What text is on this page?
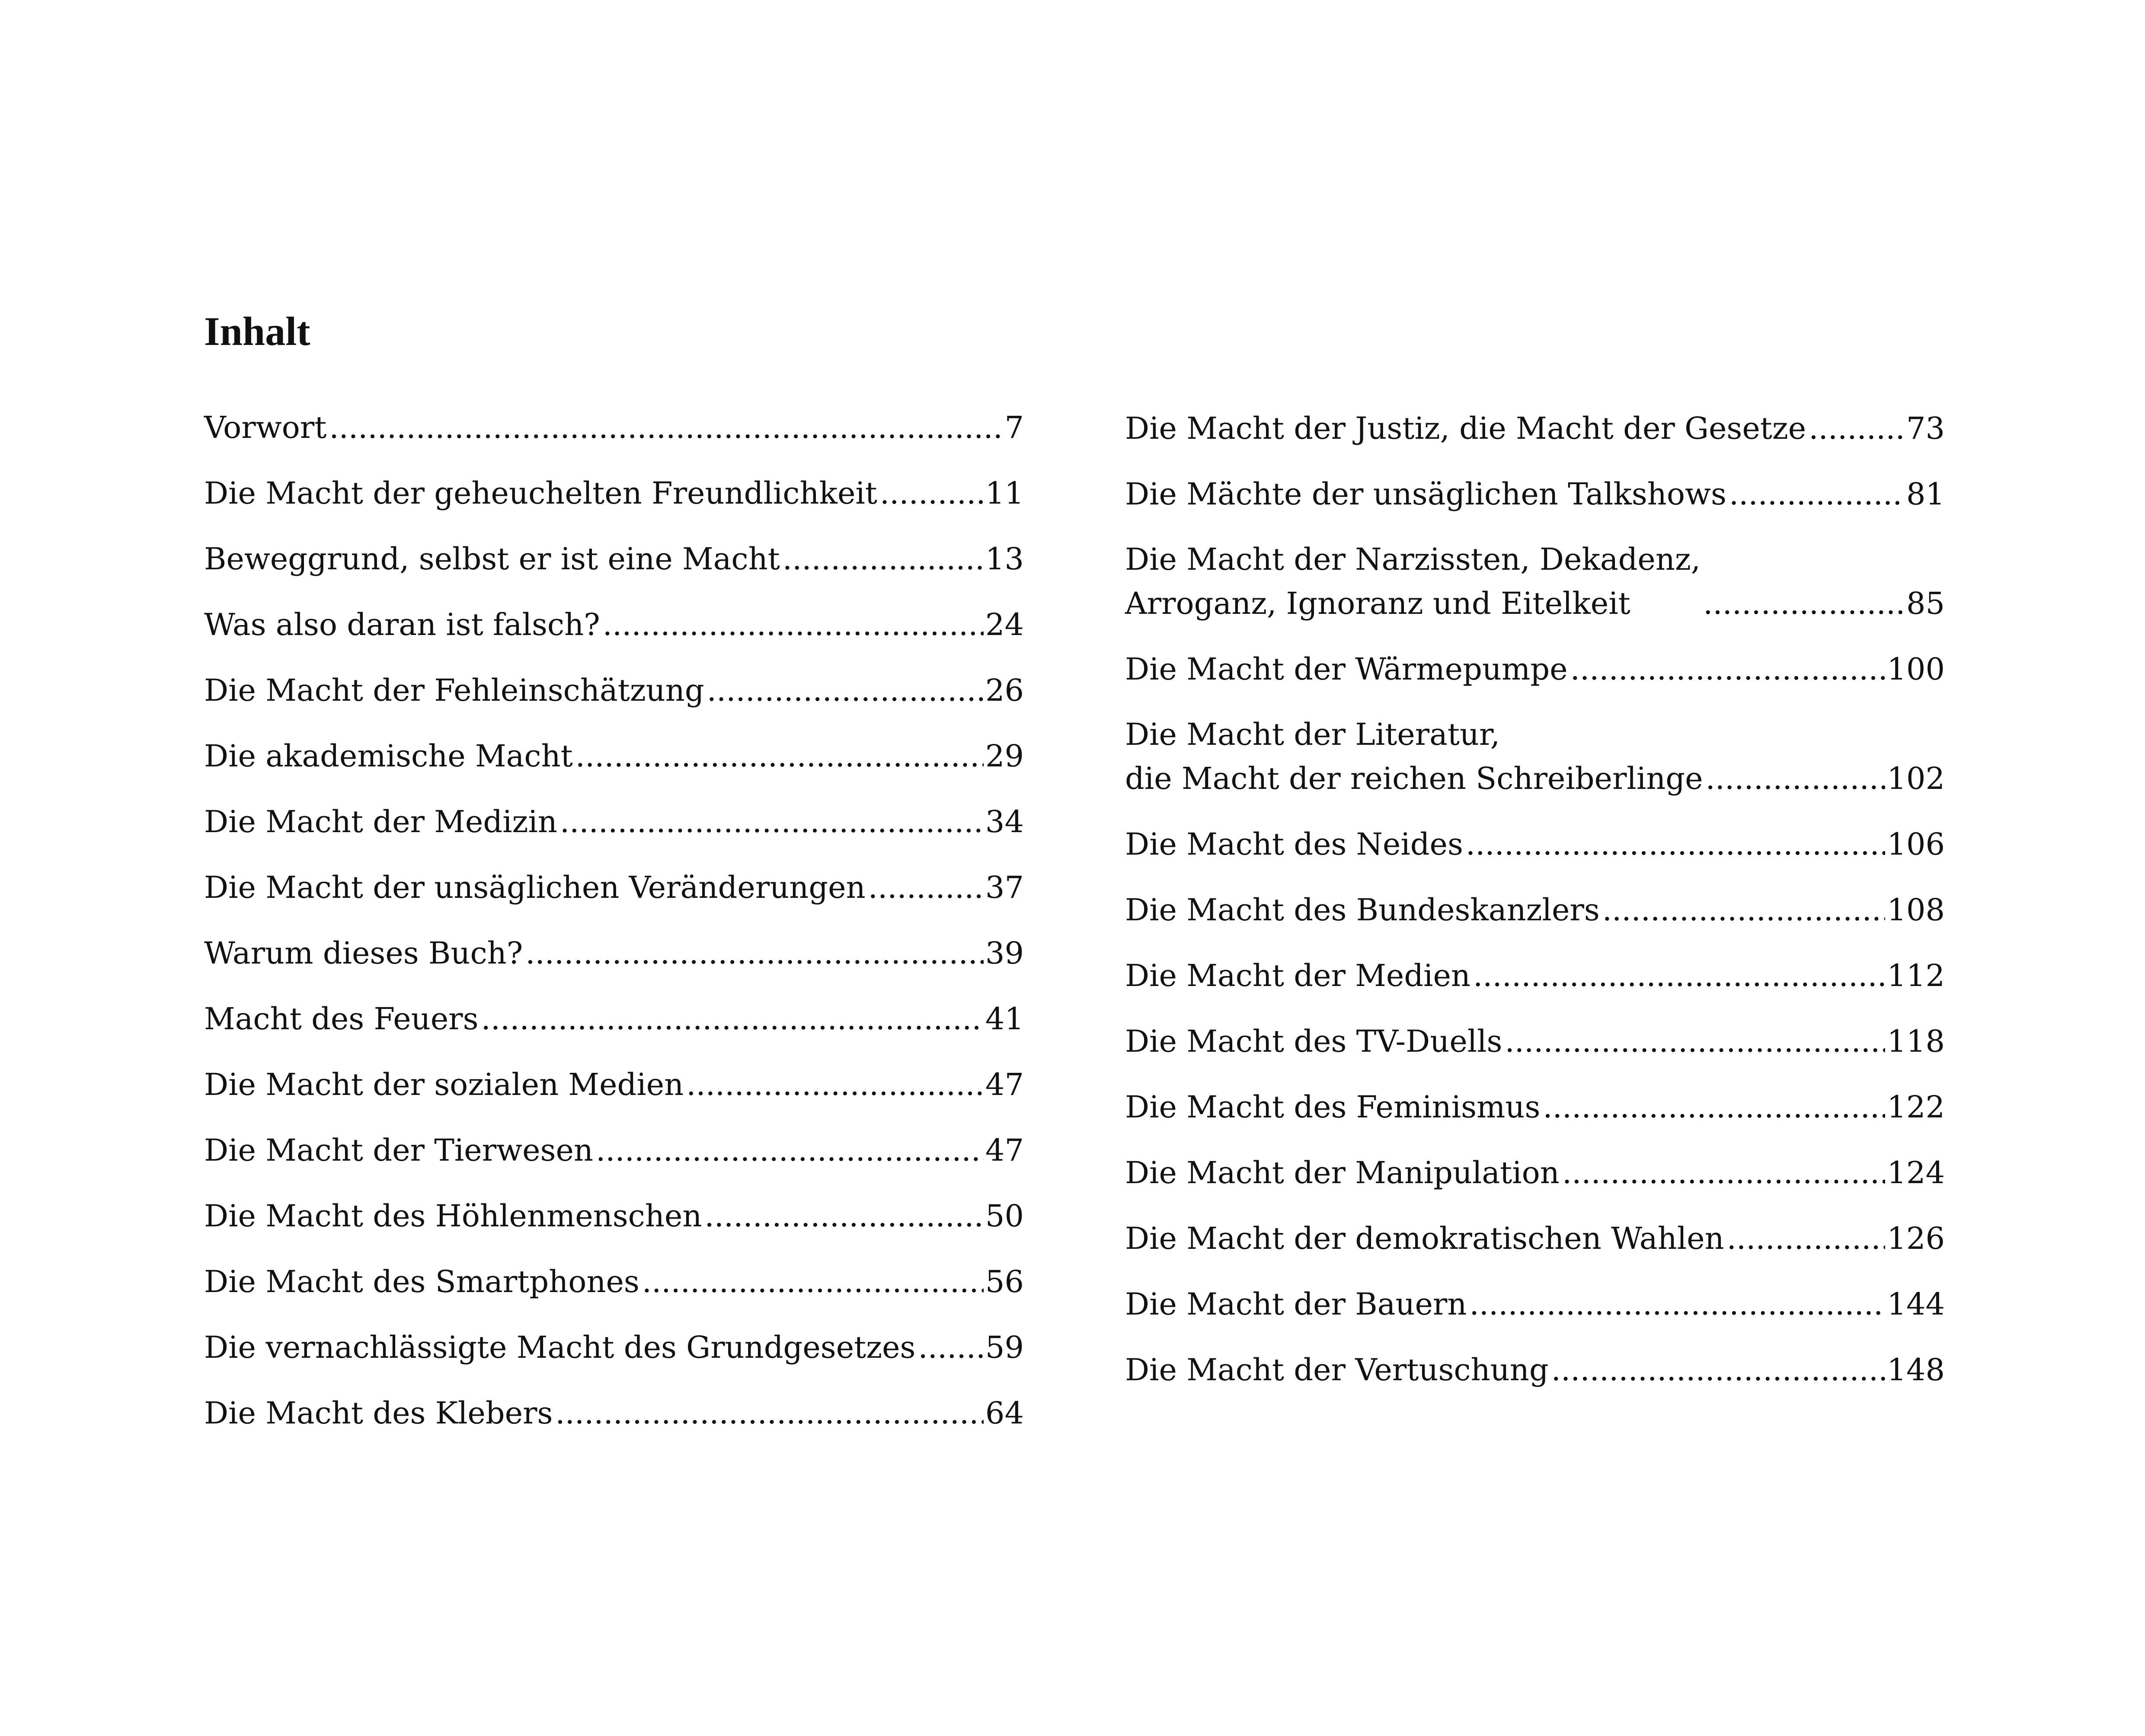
Inhalt
Vorwort .....	7
Die Macht der geheuchelten Freundlichkeit .....	11
Beweggrund, selbst er ist eine Macht .....	13
Was also daran ist falsch? .....	24
Die Macht der Fehleinschätzung .....	26
Die akademische Macht .....	29
Die Macht der Medizin .....	34
Die Macht der unsäglichen Veränderungen .....	37
Warum dieses Buch? .....	39
Macht des Feuers .....	41
Die Macht der sozialen Medien .....	47
Die Macht der Tierwesen .....	47
Die Macht des Höhlenmenschen .....	50
Die Macht des Smartphones .....	56
Die vernachlässigte Macht des Grundgesetzes ..... 59
Die Macht des Klebers .....	64
Die Macht der Justiz, die Macht der Gesetze .....	73
Die Mächte der unsäglichen Talkshows .....	81
Die Macht der Narzissten, Dekadenz,
Arroganz, Ignoranz und Eitelkeit .....	85
Die Macht der Wärmepumpe .....	100
Die Macht der Literatur,
die Macht der reichen Schreiberlinge .....	102
Die Macht des Neides .....	106
Die Macht des Bundeskanzlers .....	108
Die Macht der Medien .....	112
Die Macht des TV-Duells .....	118
Die Macht des Feminismus .....	122
Die Macht der Manipulation .....	124
Die Macht der demokratischen Wahlen .....	126
Die Macht der Bauern .....	144
Die Macht der Vertuschung .....	148
